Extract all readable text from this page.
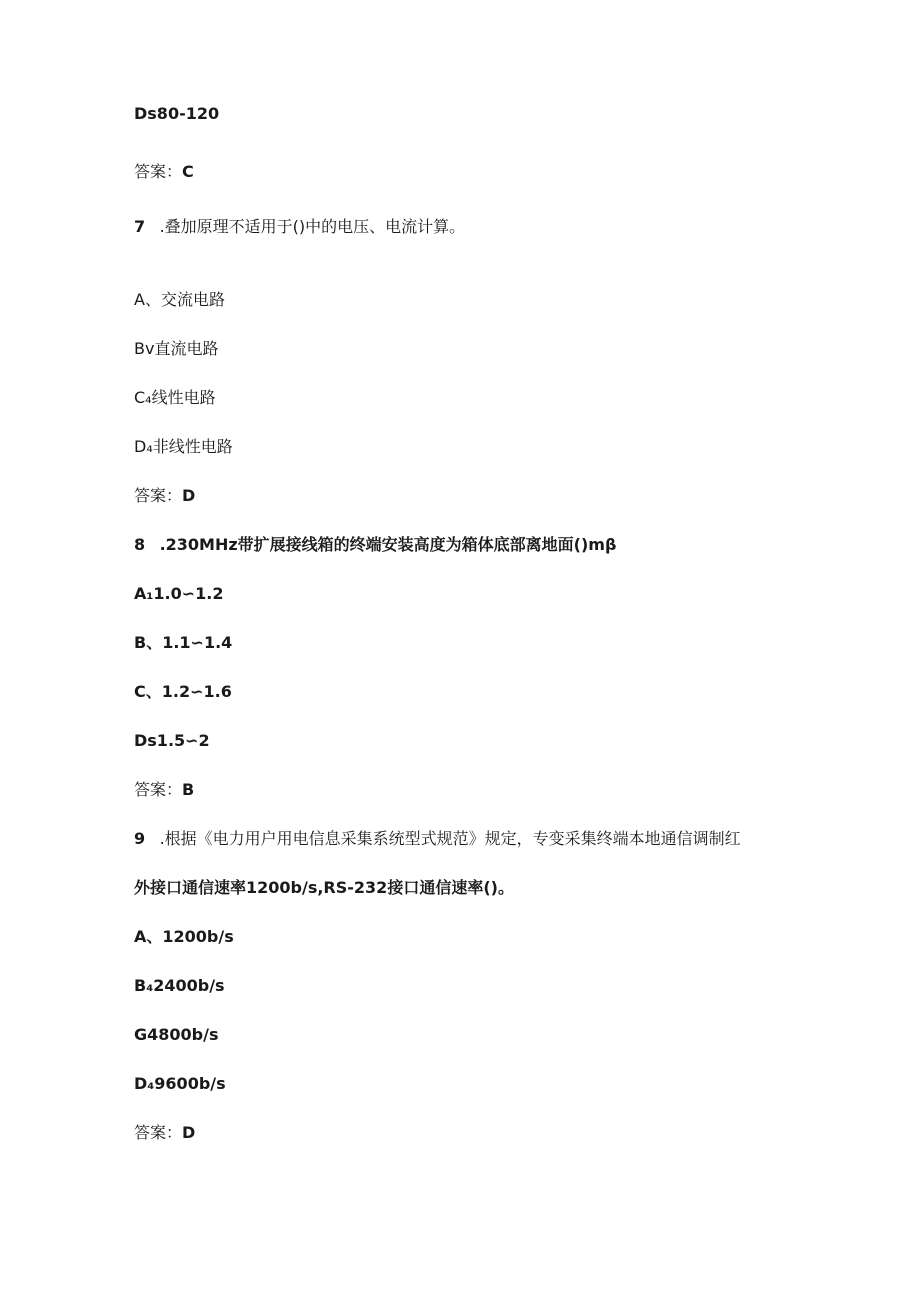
Ds80-120
答案：C
7 .叠加原理不适用于()中的电压、电流计算。
A、交流电路
Bv直流电路
C₄线性电路
D₄非线性电路
答案：D
8 .230MHz带扩展接线箱的终端安装高度为箱体底部离地面()mβ
A₁1.0∽1.2
B、1.1∽1.4
C、1.2∽1.6
Ds1.5∽2
答案：B
9 .根据《电力用户用电信息采集系统型式规范》规定，专变采集终端本地通信调制红
外接口通信速率1200b/s,RS-232接口通信速率()。
A、1200b/s
B₄2400b/s
G4800b/s
D₄9600b/s
答案：D
